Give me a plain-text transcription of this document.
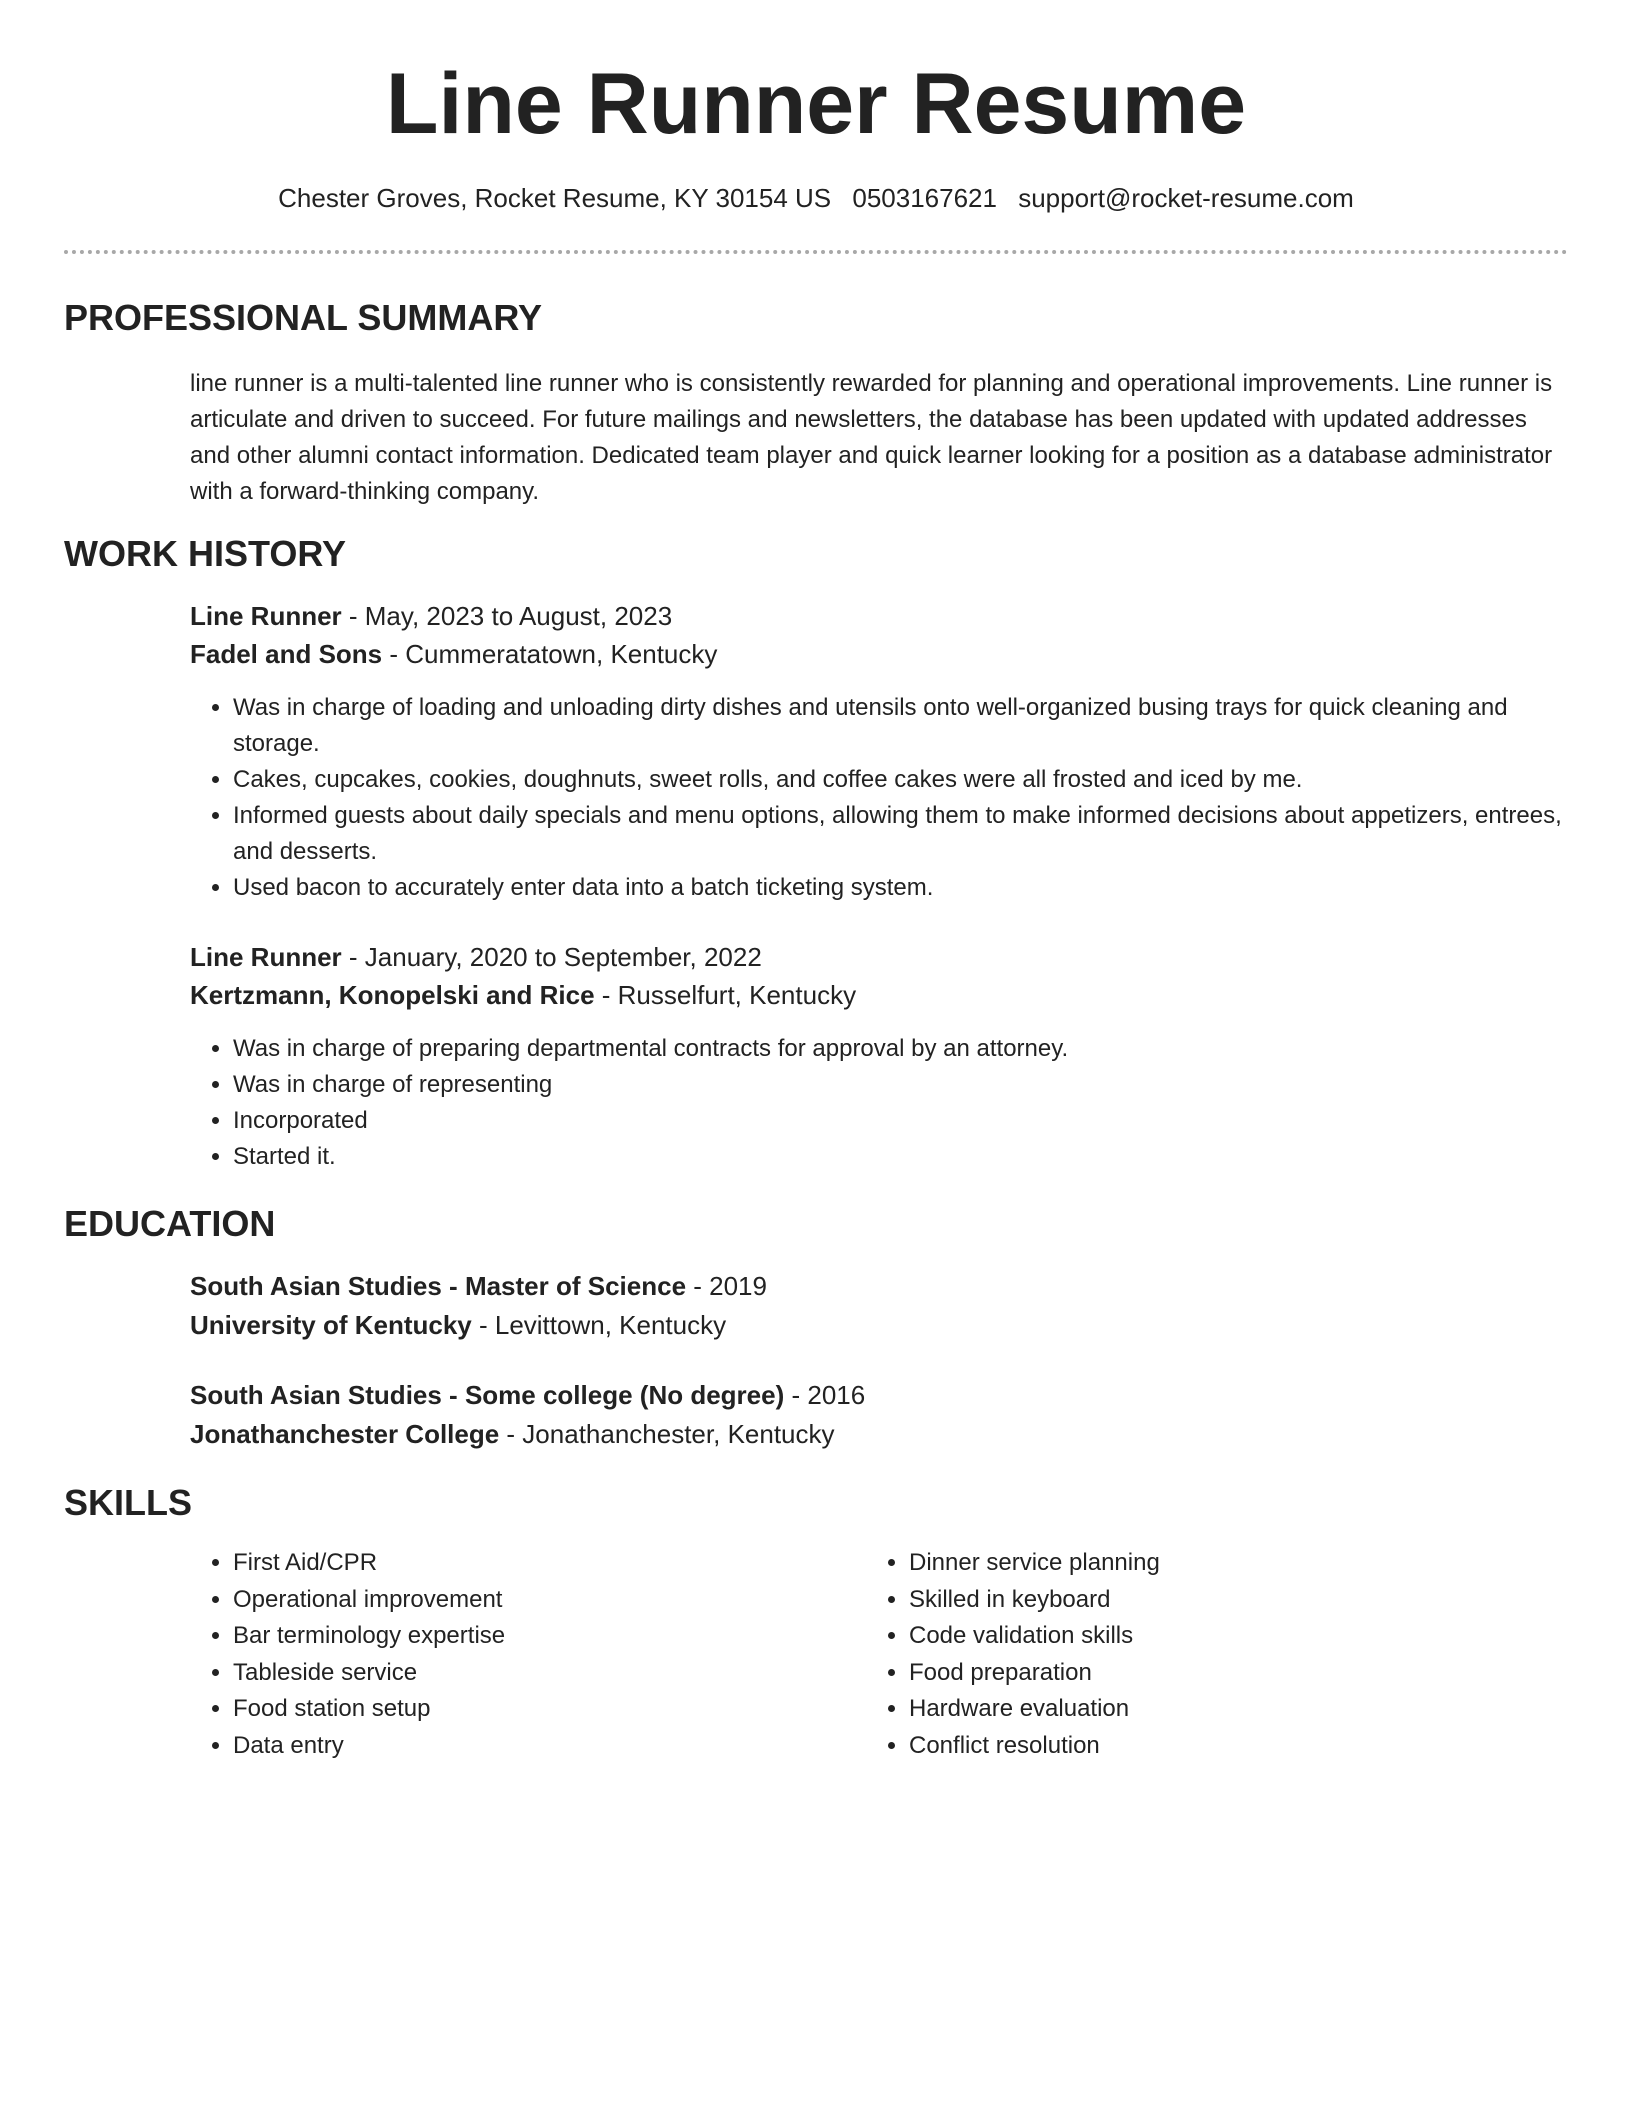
Line Runner Resume
Chester Groves, Rocket Resume, KY 30154 US 0503167621 support@rocket-resume.com
PROFESSIONAL SUMMARY

line runner is a multi-talented line runner who is consistently rewarded for planning and operational improvements. Line runner is articulate and driven to succeed. For future mailings and newsletters, the database has been updated with updated addresses and other alumni contact information. Dedicated team player and quick learner looking for a position as a database administrator with a forward-thinking company.

WORK HISTORY
Line Runner - May, 2023 to August, 2023
Fadel and Sons - Cummeratatown, Kentucky
• Was in charge of loading and unloading dirty dishes and utensils onto well-organized busing trays for quick cleaning and storage.
• Cakes, cupcakes, cookies, doughnuts, sweet rolls, and coffee cakes were all frosted and iced by me.
• Informed guests about daily specials and menu options, allowing them to make informed decisions about appetizers, entrees, and desserts.
• Used bacon to accurately enter data into a batch ticketing system.
Line Runner - January, 2020 to September, 2022
Kertzmann, Konopelski and Rice - Russelfurt, Kentucky
• Was in charge of preparing departmental contracts for approval by an attorney.
• Was in charge of representing
• Incorporated
• Started it.
EDUCATION
South Asian Studies - Master of Science - 2019
University of Kentucky - Levittown, Kentucky
South Asian Studies - Some college (No degree) - 2016
Jonathanchester College - Jonathanchester, Kentucky
SKILLS
• First Aid/CPR
• Operational improvement
• Bar terminology expertise
• Tableside service
• Food station setup
• Data entry
• Dinner service planning
• Skilled in keyboard
• Code validation skills
• Food preparation
• Hardware evaluation
• Conflict resolution
